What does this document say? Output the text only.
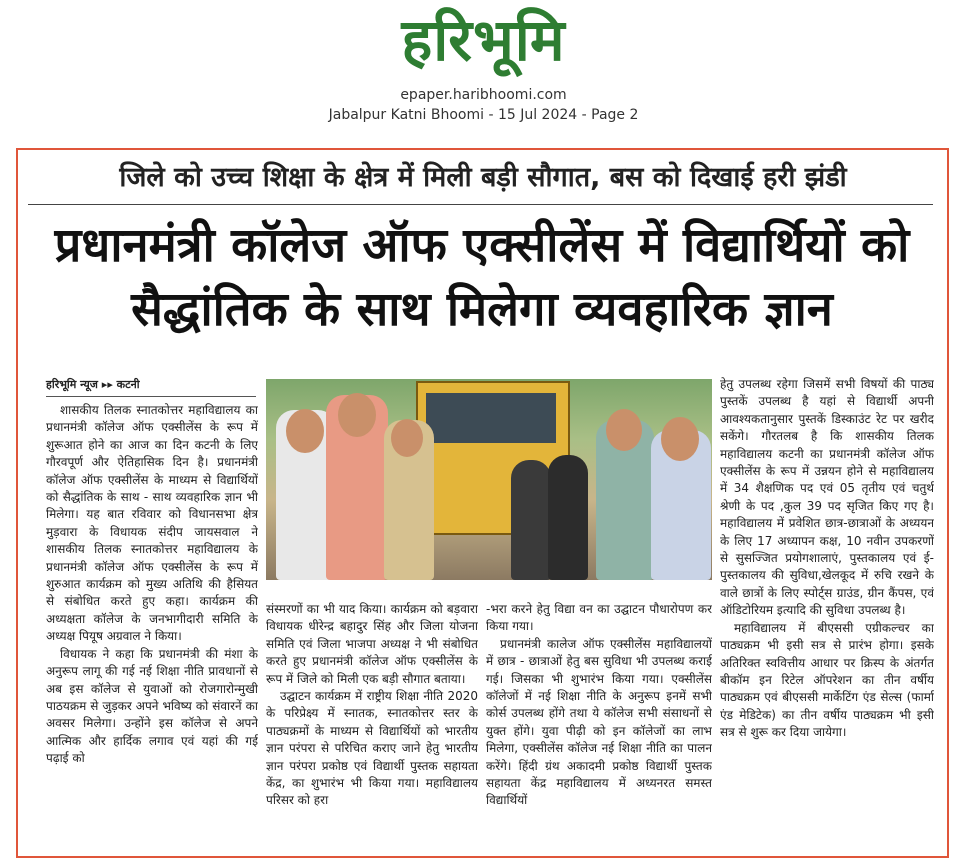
हरिभूमि
epaper.haribhoomi.com
Jabalpur Katni Bhoomi - 15 Jul 2024 - Page 2
जिले को उच्च शिक्षा के क्षेत्र में मिली बड़ी सौगात, बस को दिखाई हरी झंडी
प्रधानमंत्री कॉलेज ऑफ एक्सीलेंस में विद्यार्थियों को सैद्धांतिक के साथ मिलेगा व्यवहारिक ज्ञान
हरिभूमि न्यूज ▸▸ कटनी

शासकीय तिलक स्नातकोत्तर महाविद्यालय का प्रधानमंत्री कॉलेज ऑफ एक्सीलेंस के रूप में शुरूआत होने का आज का दिन कटनी के लिए गौरवपूर्ण और ऐतिहासिक दिन है। प्रधानमंत्री कॉलेज ऑफ एक्सीलेंस के माध्यम से विद्यार्थियों को सैद्धांतिक के साथ - साथ व्यवहारिक ज्ञान भी मिलेगा। यह बात रविवार को विधानसभा क्षेत्र मुड़वारा के विधायक संदीप जायसवाल ने शासकीय तिलक स्नातकोत्तर महाविद्यालय के प्रधानमंत्री कॉलेज ऑफ एक्सीलेंस के रूप में शुरुआत कार्यक्रम को मुख्य अतिथि की हैसियत से संबोधित करते हुए कहा। कार्यक्रम की अध्यक्षता कॉलेज के जनभागीदारी समिति के अध्यक्ष पियूष अग्रवाल ने किया।

विधायक ने कहा कि प्रधानमंत्री की मंशा के अनुरूप लागू की गई नई शिक्षा नीति प्रावधानों से अब इस कॉलेज से युवाओं को रोजगारोन्मुखी पाठयक्रम से जुड़कर अपने भविष्य को संवारनें का अवसर मिलेगा। उन्होंने इस कॉलेज से अपने आत्मिक और हार्दिक लगाव एवं यहां की गई पढ़ाई को

संस्मरणों का भी याद किया। कार्यक्रम को बड़वारा विधायक धीरेन्द्र बहादुर सिंह और जिला योजना समिति एवं जिला भाजपा अध्यक्ष ने भी संबोधित करते हुए प्रधानमंत्री कॉलेज ऑफ एक्सीलेंस के रूप में जिले को मिली एक बड़ी सौगात बताया।

उद्घाटन कार्यक्रम में राष्ट्रीय शिक्षा नीति 2020 के परिप्रेक्ष्य में स्नातक, स्नातकोत्तर स्तर के पाठ्यक्रमों के माध्यम से विद्यार्थियों को भारतीय ज्ञान परंपरा से परिचित कराए जाने हेतु भारतीय ज्ञान परंपरा प्रकोष्ठ एवं विद्यार्थी पुस्तक सहायता केंद्र, का शुभारंभ भी किया गया। महाविद्यालय परिसर को हरा

-भरा करने हेतु विद्या वन का उद्घाटन पौधारोपण कर किया गया।

प्रधानमंत्री कालेज ऑफ एक्सीलेंस महाविद्यालयों में छात्र - छात्राओं हेतु बस सुविधा भी उपलब्ध कराई गई। जिसका भी शुभारंभ किया गया। एक्सीलेंस कॉलेजों में नई शिक्षा नीति के अनुरूप इनमें सभी कोर्स उपलब्ध होंगे तथा ये कॉलेज सभी संसाधनों से युक्त होंगे। युवा पीढ़ी को इन कॉलेजों का लाभ मिलेगा, एक्सीलेंस कॉलेज नई शिक्षा नीति का पालन करेंगे। हिंदी ग्रंथ अकादमी प्रकोष्ठ विद्यार्थी पुस्तक सहायता केंद्र महाविद्यालय में अध्यनरत समस्त विद्यार्थियों

हेतु उपलब्ध रहेगा जिसमें सभी विषयों की पाठ्य पुस्तकें उपलब्ध है यहां से विद्यार्थी अपनी आवश्यकतानुसार पुस्तकें डिस्काउंट रेट पर खरीद सकेंगे। गौरतलब है कि शासकीय तिलक महाविद्यालय कटनी का प्रधानमंत्री कॉलेज ऑफ एक्सीलेंस के रूप में उन्नयन होने से महाविद्यालय में 34 शैक्षणिक पद एवं 05 तृतीय एवं चतुर्थ श्रेणी के पद ,कुल 39 पद सृजित किए गए है। महाविद्यालय में प्रवेशित छात्र-छात्राओं के अध्ययन के लिए 17 अध्यापन कक्ष, 10 नवीन उपकरणों से सुसज्जित प्रयोगशालाएं, पुस्तकालय एवं ई- पुस्तकालय की सुविधा,खेलकूद में रुचि रखने के वाले छात्रों के लिए स्पोर्ट्स ग्राउंड, ग्रीन कैंपस, एवं ऑडिटोरियम इत्यादि की सुविधा उपलब्ध है।

महाविद्यालय में बीएससी एग्रीकल्चर का पाठ्यक्रम भी इसी सत्र से प्रारंभ होगा। इसके अतिरिक्त स्ववित्तीय आधार पर क्रिस्प के अंतर्गत बीकॉम इन रिटेल ऑपरेशन का तीन वर्षीय पाठ्यक्रम एवं बीएससी मार्केटिंग एंड सेल्स (फार्मा एंड मेडिटेक) का तीन वर्षीय पाठ्यक्रम भी इसी सत्र से शुरू कर दिया जायेगा।
